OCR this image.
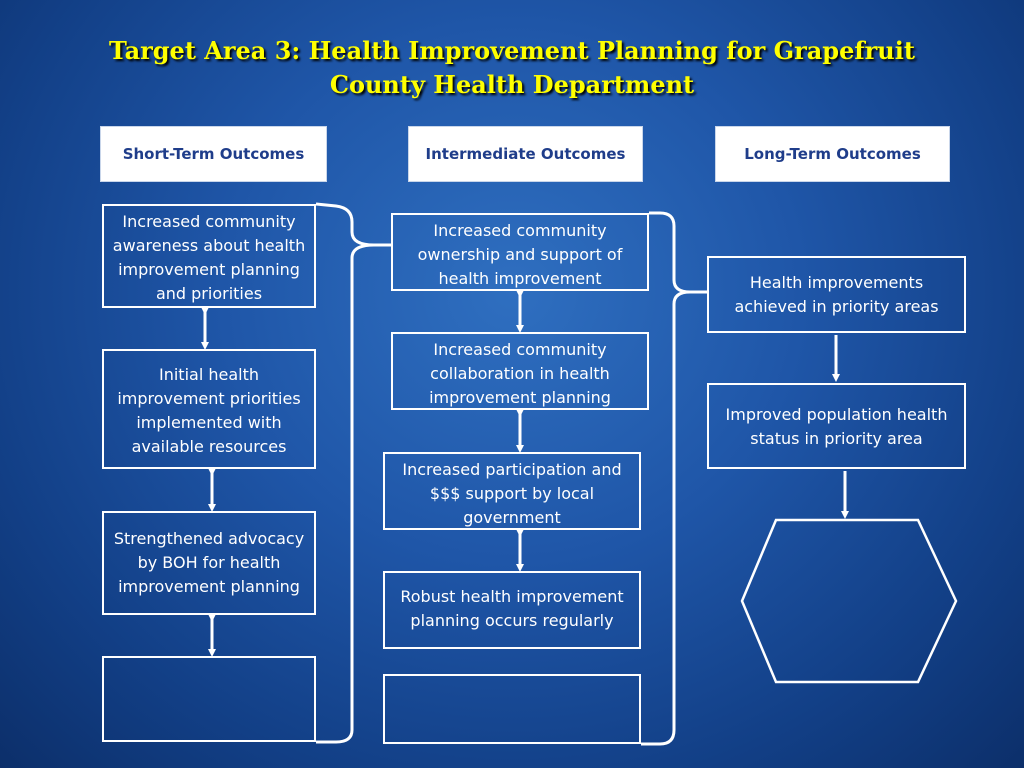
Target Area 3: Health Improvement Planning for Grapefruit
County Health Department
Short-Term Outcomes	Intermediate Outcomes	Long-Term Outcomes
Increased community awareness about health improvement planning and priorities
Initial health improvement priorities implemented with available resources
Strengthened advocacy by BOH for health improvement planning
Increased community ownership and support of health improvement
Increased community collaboration in health improvement planning
Increased participation and $$$ support by local government
Robust health improvement planning occurs regularly
Health improvements achieved in priority areas
Improved population health status in priority area
